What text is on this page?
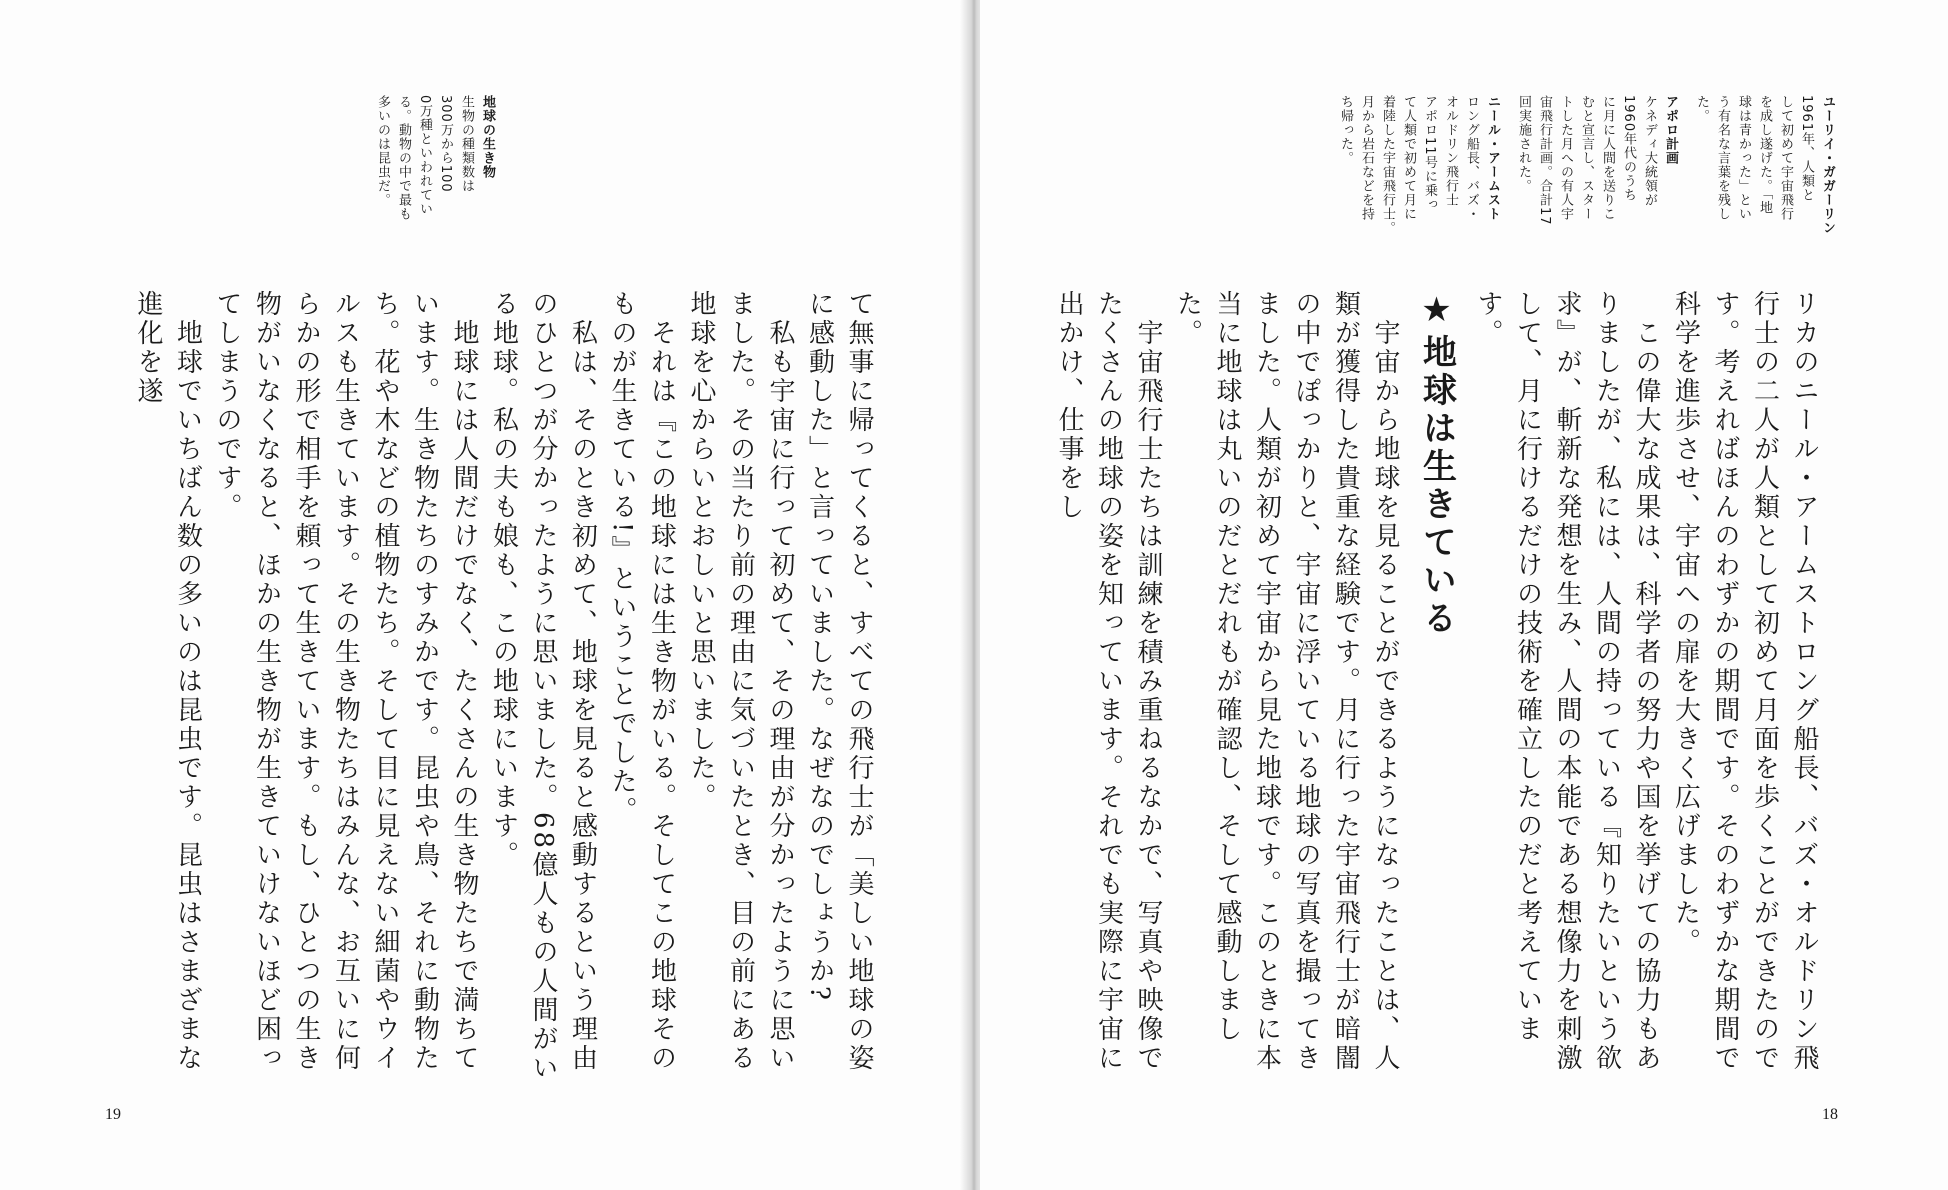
地球の生き物
生物の種類数は
300万から100
0万種といわれてい
る。動物の中で最も
多いのは昆虫だ。
て無事に帰ってくると、すべての飛行士が「美しい地球の姿に感動した」と言っていました。なぜなのでしょうか?
　私も宇宙に行って初めて、その理由が分かったように思いました。その当たり前の理由に気づいたとき、目の前にある地球を心からいとおしいと思いました。
　それは『この地球には生き物がいる。そしてこの地球そのものが生きている!』ということでした。
　私は、そのとき初めて、地球を見ると感動するという理由のひとつが分かったように思いました。68億人もの人間がいる地球。私の夫も娘も、この地球にいます。
　地球には人間だけでなく、たくさんの生き物たちで満ちています。生き物たちのすみかです。昆虫や鳥、それに動物たち。花や木などの植物たち。そして目に見えない細菌やウイルスも生きています。その生き物たちはみんな、お互いに何らかの形で相手を頼って生きています。もし、ひとつの生き物がいなくなると、ほかの生き物が生きていけないほど困ってしまうのです。
　地球でいちばん数の多いのは昆虫です。昆虫はさまざまな進化を遂
19
ユーリイ・ガガーリン
1961年、人類と
して初めて宇宙飛行
を成し遂げた。「地
球は青かった」とい
う有名な言葉を残し
た。
アポロ計画
ケネディ大統領が
1960年代のうち
に月に人間を送りこ
むと宣言し、スター
トした月への有人宇
宙飛行計画。合計17
回実施された。
ニール・アームスト
ロング船長、バズ・
オルドリン飛行士
アポロ11号に乗っ
て人類で初めて月に
着陸した宇宙飛行士。
月から岩石などを持
ち帰った。
リカのニール・アームストロング船長、バズ・オルドリン飛行士の二人が人類として初めて月面を歩くことができたのです。考えればほんのわずかの期間です。そのわずかな期間で科学を進歩させ、宇宙への扉を大きく広げました。
　この偉大な成果は、科学者の努力や国を挙げての協力もありましたが、私には、人間の持っている『知りたいという欲求』が、斬新な発想を生み、人間の本能である想像力を刺激して、月に行けるだけの技術を確立したのだと考えています。
★地球は生きている
　宇宙から地球を見ることができるようになったことは、人類が獲得した貴重な経験です。月に行った宇宙飛行士が暗闇の中でぽっかりと、宇宙に浮いている地球の写真を撮ってきました。人類が初めて宇宙から見た地球です。このときに本当に地球は丸いのだとだれもが確認し、そして感動しました。
　宇宙飛行士たちは訓練を積み重ねるなかで、写真や映像でたくさんの地球の姿を知っています。それでも実際に宇宙に出かけ、仕事をし
18
